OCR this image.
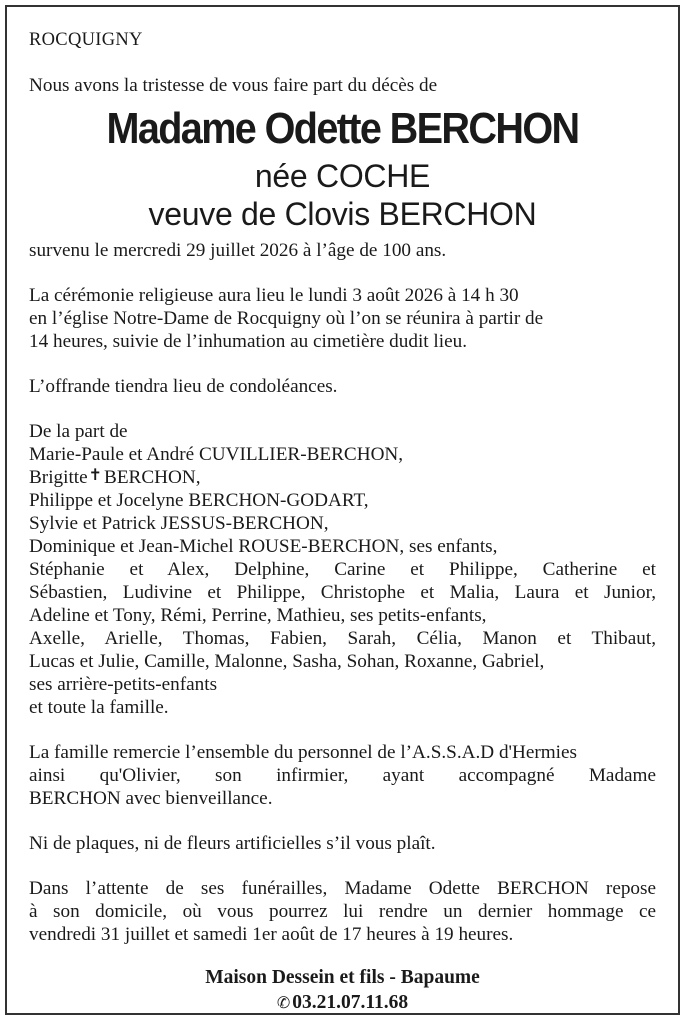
ROCQUIGNY

Nous avons la tristesse de vous faire part du décès de

Madame Odette BERCHON
née COCHE
veuve de Clovis BERCHON

survenu le mercredi 29 juillet 2026 à l’âge de 100 ans.

La cérémonie religieuse aura lieu le lundi 3 août 2026 à 14 h 30
en l’église Notre-Dame de Rocquigny où l’on se réunira à partir de
14 heures, suivie de l’inhumation au cimetière dudit lieu.

L’offrande tiendra lieu de condoléances.

De la part de
Marie-Paule et André CUVILLIER-BERCHON,
Brigitte✝ BERCHON,
Philippe et Jocelyne BERCHON-GODART,
Sylvie et Patrick JESSUS-BERCHON,
Dominique et Jean-Michel ROUSE-BERCHON, ses enfants,
Stéphanie et Alex, Delphine, Carine et Philippe, Catherine et
Sébastien, Ludivine et Philippe, Christophe et Malia, Laura et Junior,
Adeline et Tony, Rémi, Perrine, Mathieu, ses petits-enfants,
Axelle, Arielle, Thomas, Fabien, Sarah, Célia, Manon et Thibaut,
Lucas et Julie, Camille, Malonne, Sasha, Sohan, Roxanne, Gabriel,
ses arrière-petits-enfants
et toute la famille.

La famille remercie l’ensemble du personnel de l’A.S.S.A.D d'Hermies
ainsi qu'Olivier, son infirmier, ayant accompagné Madame
BERCHON avec bienveillance.

Ni de plaques, ni de fleurs artificielles s’il vous plaît.

Dans l’attente de ses funérailles, Madame Odette BERCHON repose
à son domicile, où vous pourrez lui rendre un dernier hommage ce
vendredi 31 juillet et samedi 1er août de 17 heures à 19 heures.

Maison Dessein et fils - Bapaume
✆ 03.21.07.11.68
